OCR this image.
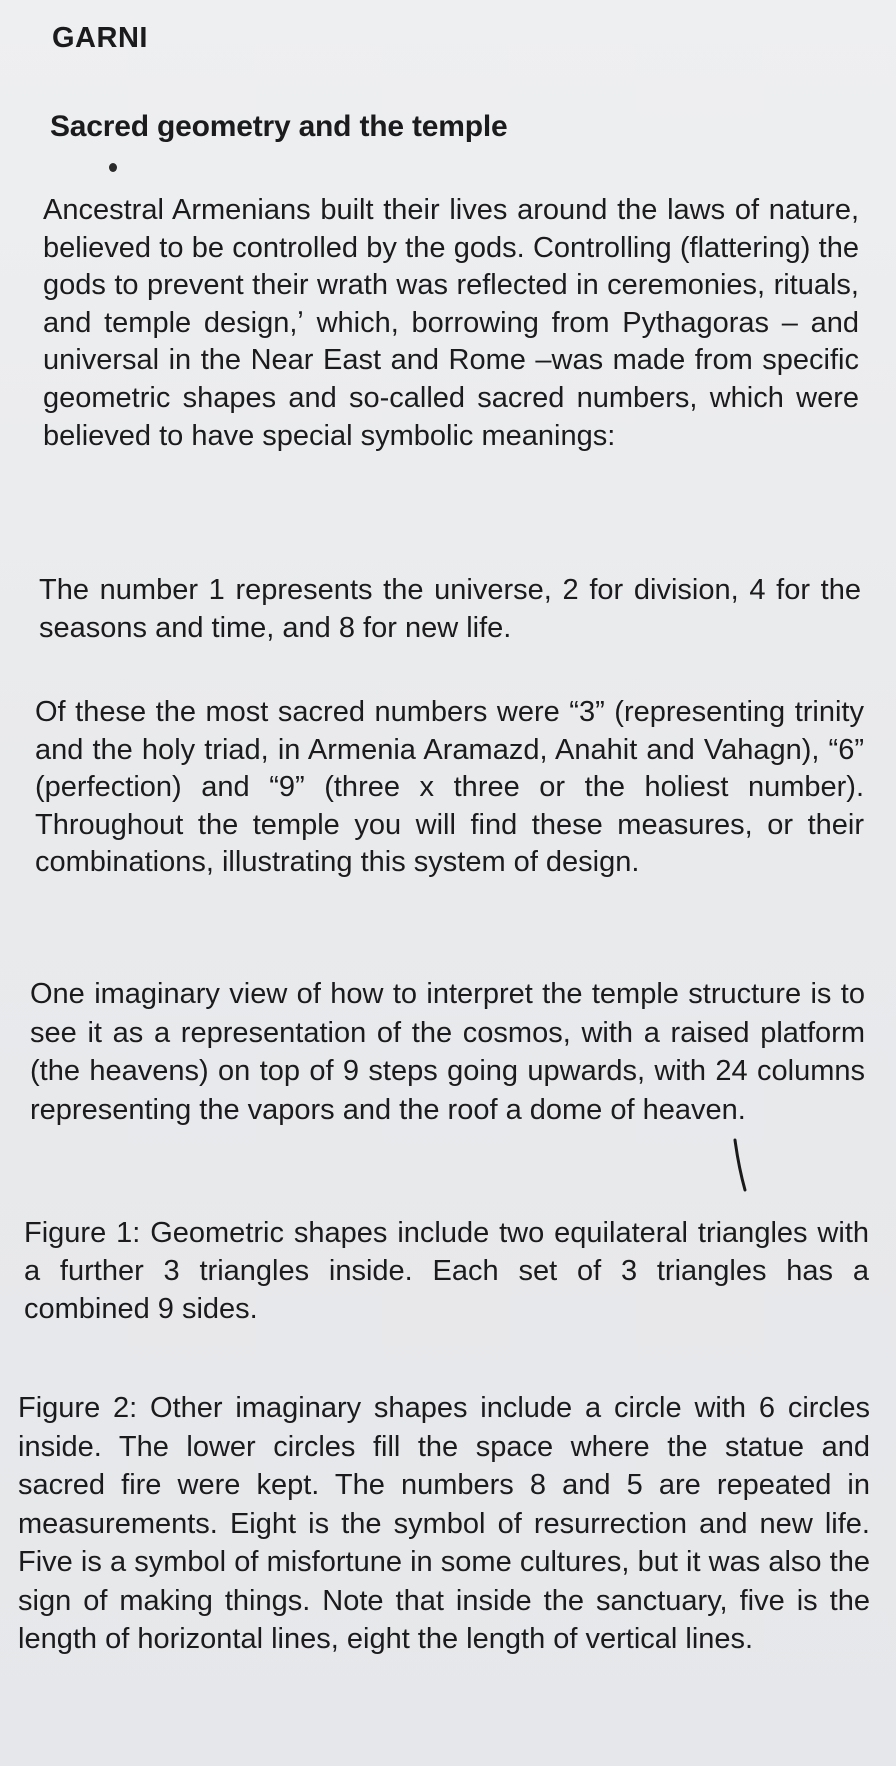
GARNI
Sacred geometry and the temple

Ancestral Armenians built their lives around the laws of nature, believed to be controlled by the gods. Controlling (flattering) the gods to prevent their wrath was reflected in ceremonies, rituals, and temple design,ʼ which, borrowing from Pythagoras – and universal in the Near East and Rome –was made from specific geometric shapes and so-called sacred numbers, which were believed to have special symbolic meanings:

The number 1 represents the universe, 2 for division, 4 for the seasons and time, and 8 for new life.

Of these the most sacred numbers were “3” (representing trinity and the holy triad, in Armenia Aramazd, Anahit and Vahagn), “6” (perfection) and “9” (three x three or the holiest number). Throughout the temple you will find these measures, or their combinations, illustrating this system of design.

One imaginary view of how to interpret the temple structure is to see it as a representation of the cosmos, with a raised platform (the heavens) on top of 9 steps going upwards, with 24 columns representing the vapors and the roof a dome of heaven.

Figure 1: Geometric shapes include two equilateral triangles with a further 3 triangles inside. Each set of 3 triangles has a combined 9 sides.

Figure 2: Other imaginary shapes include a circle with 6 circles inside. The lower circles fill the space where the statue and sacred fire were kept. The numbers 8 and 5 are repeated in measurements. Eight is the symbol of resurrection and new life. Five is a symbol of misfortune in some cultures, but it was also the sign of making things. Note that inside the sanctuary, five is the length of horizontal lines, eight the length of vertical lines.
